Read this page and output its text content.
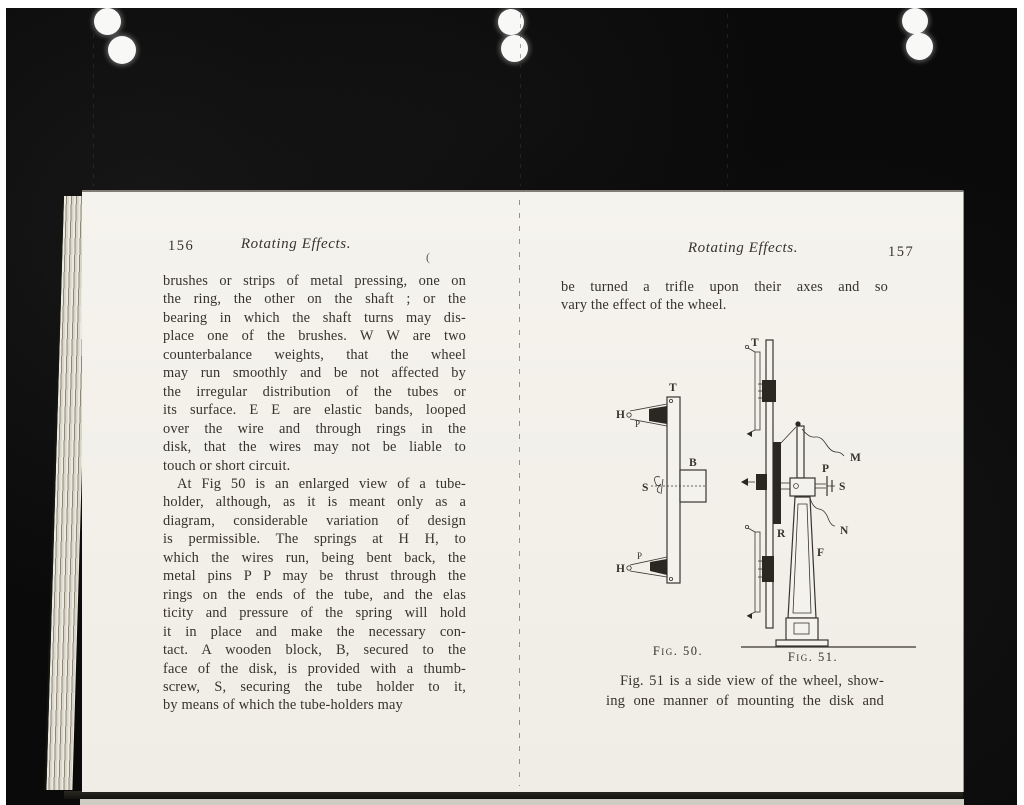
156	Rotating Effects.
(
brushes or strips of metal pressing, one on
the ring, the other on the shaft ; or the
bearing in which the shaft turns may dis-
place one of the brushes. W W are two
counterbalance weights, that the wheel
may run smoothly and be not affected by
the irregular distribution of the tubes or
its surface. E E are elastic bands, looped
over the wire and through rings in the
disk, that the wires may not be liable to
touch or short circuit.
At Fig 50 is an enlarged view of a tube-
holder, although, as it is meant only as a
diagram, considerable variation of design
is permissible. The springs at H H, to
which the wires run, being bent back, the
metal pins P P may be thrust through the
rings on the ends of the tube, and the elas
ticity and pressure of the spring will hold
it in place and make the necessary con-
tact. A wooden block, B, secured to the
face of the disk, is provided with a thumb-
screw, S, securing the tube holder to it,
by means of which the tube-holders may
Rotating Effects.	157
be turned a trifle upon their axes and so
vary the effect of the wheel.
H
P
B
S
H
P
T
T
R
P
S
M
N
F
Fig. 50.	Fig. 51.
Fig. 51 is a side view of the wheel, show-
ing one manner of mounting the disk and
